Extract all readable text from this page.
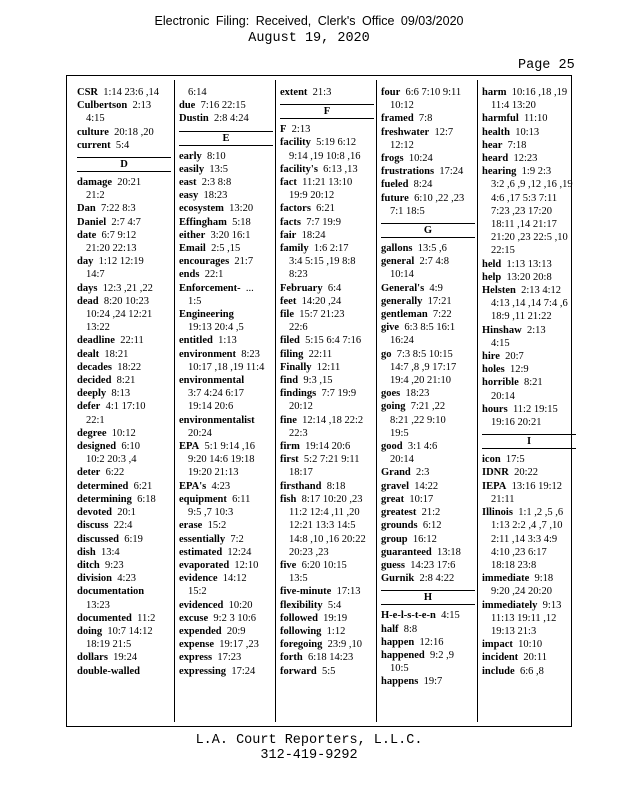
Electronic Filing: Received, Clerk's Office 09/03/2020
August 19, 2020
Page 25
CSR 1:14 23:6 ,14
Culbertson 2:13
4:15
culture 20:18 ,20
current 5:4
D
damage 20:21
21:2
Dan 7:22 8:3
Daniel 2:7 4:7
date 6:7 9:12
21:20 22:13
day 1:12 12:19
14:7
days 12:3 ,21 ,22
dead 8:20 10:23
10:24 ,24 12:21
13:22
deadline 22:11
dealt 18:21
decades 18:22
decided 8:21
deeply 8:13
defer 4:1 17:10
22:1
degree 10:12
designed 6:10
10:2 20:3 ,4
deter 6:22
determined 6:21
determining 6:18
devoted 20:1
discuss 22:4
discussed 6:19
dish 13:4
ditch 9:23
division 4:23
documentation
13:23
documented 11:2
doing 10:7 14:12
18:19 21:5
dollars 19:24
double-walled
6:14
due 7:16 22:15
Dustin 2:8 4:24
E
early 8:10
easily 13:5
east 2:3 8:8
easy 18:23
ecosystem 13:20
Effingham 5:18
either 3:20 16:1
Email 2:5 ,15
encourages 21:7
ends 22:1
Enforcement- ...
1:5
Engineering
19:13 20:4 ,5
entitled 1:13
environment 8:23
10:17 ,18 ,19 11:4
environmental
3:7 4:24 6:17
19:14 20:6
environmentalist
20:24
EPA 5:1 9:14 ,16
9:20 14:6 19:18
19:20 21:13
EPA's 4:23
equipment 6:11
9:5 ,7 10:3
erase 15:2
essentially 7:2
estimated 12:24
evaporated 12:10
evidence 14:12
15:2
evidenced 10:20
excuse 9:2 3 10:6
expended 20:9
expense 19:17 ,23
express 17:23
expressing 17:24
extent 21:3
F
F 2:13
facility 5:19 6:12
9:14 ,19 10:8 ,16
facility's 6:13 ,13
fact 11:21 13:10
19:9 20:12
factors 6:21
facts 7:7 19:9
fair 18:24
family 1:6 2:17
3:4 5:15 ,19 8:8
8:23
February 6:4
feet 14:20 ,24
file 15:7 21:23
22:6
filed 5:15 6:4 7:16
filing 22:11
Finally 12:11
find 9:3 ,15
findings 7:7 19:9
20:12
fine 12:14 ,18 22:2
22:3
firm 19:14 20:6
first 5:2 7:21 9:11
18:17
firsthand 8:18
fish 8:17 10:20 ,23
11:2 12:4 ,11 ,20
12:21 13:3 14:5
14:8 ,10 ,16 20:22
20:23 ,23
five 6:20 10:15
13:5
five-minute 17:13
flexibility 5:4
followed 19:19
following 1:12
foregoing 23:9 ,10
forth 6:18 14:23
forward 5:5
four 6:6 7:10 9:11
10:12
framed 7:8
freshwater 12:7
12:12
frogs 10:24
frustrations 17:24
fueled 8:24
future 6:10 ,22 ,23
7:1 18:5
G
gallons 13:5 ,6
general 2:7 4:8
10:14
General's 4:9
generally 17:21
gentleman 7:22
give 6:3 8:5 16:1
16:24
go 7:3 8:5 10:15
14:7 ,8 ,9 17:17
19:4 ,20 21:10
goes 18:23
going 7:21 ,22
8:21 ,22 9:10
19:5
good 3:1 4:6
20:14
Grand 2:3
gravel 14:22
great 10:17
greatest 21:2
grounds 6:12
group 16:12
guaranteed 13:18
guess 14:23 17:6
Gurnik 2:8 4:22
H
H-e-l-s-t-e-n 4:15
half 8:8
happen 12:16
happened 9:2 ,9
10:5
happens 19:7
harm 10:16 ,18 ,19
11:4 13:20
harmful 11:10
health 10:13
hear 7:18
heard 12:23
hearing 1:9 2:3
3:2 ,6 ,9 ,12 ,16 ,19
4:6 ,17 5:3 7:11
7:23 ,23 17:20
18:11 ,14 21:17
21:20 ,23 22:5 ,10
22:15
held 1:13 13:13
help 13:20 20:8
Helsten 2:13 4:12
4:13 ,14 ,14 7:4 ,6
18:9 ,11 21:22
Hinshaw 2:13
4:15
hire 20:7
holes 12:9
horrible 8:21
20:14
hours 11:2 19:15
19:16 20:21
I
icon 17:5
IDNR 20:22
IEPA 13:16 19:12
21:11
Illinois 1:1 ,2 ,5 ,6
1:13 2:2 ,4 ,7 ,10
2:11 ,14 3:3 4:9
4:10 ,23 6:17
18:18 23:8
immediate 9:18
9:20 ,24 20:20
immediately 9:13
11:13 19:11 ,12
19:13 21:3
impact 10:10
incident 20:11
include 6:6 ,8
L.A. Court Reporters, L.L.C.
312-419-9292
